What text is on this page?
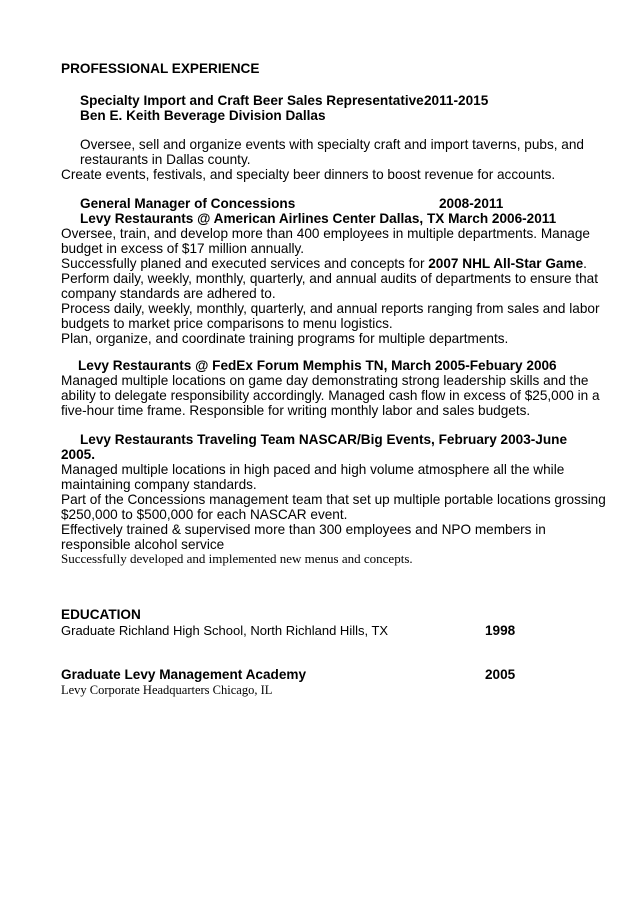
PROFESSIONAL EXPERIENCE
Specialty Import and Craft Beer Sales Representative 2011-2015
Ben E. Keith Beverage Division Dallas
Oversee, sell and organize events with specialty craft and import taverns, pubs, and
restaurants in Dallas county.
Create events, festivals, and specialty beer dinners to boost revenue for accounts.
General Manager of Concessions	2008-2011
Levy Restaurants @ American Airlines Center Dallas, TX March 2006-2011
Oversee, train, and develop more than 400 employees in multiple departments. Manage
budget in excess of $17 million annually.
Successfully planed and executed services and concepts for 2007 NHL All-Star Game.
Perform daily, weekly, monthly, quarterly, and annual audits of departments to ensure that
company standards are adhered to.
Process daily, weekly, monthly, quarterly, and annual reports ranging from sales and labor
budgets to market price comparisons to menu logistics.
Plan, organize, and coordinate training programs for multiple departments.
Levy Restaurants @ FedEx Forum Memphis TN, March 2005-Febuary 2006
Managed multiple locations on game day demonstrating strong leadership skills and the
ability to delegate responsibility accordingly. Managed cash flow in excess of $25,000 in a
five-hour time frame. Responsible for writing monthly labor and sales budgets.
Levy Restaurants Traveling Team NASCAR/Big Events, February 2003-June
2005.
Managed multiple locations in high paced and high volume atmosphere all the while
maintaining company standards.
Part of the Concessions management team that set up multiple portable locations grossing
$250,000 to $500,000 for each NASCAR event.
Effectively trained & supervised more than 300 employees and NPO members in
responsible alcohol service
Successfully developed and implemented new menus and concepts.
EDUCATION
Graduate Richland High School, North Richland Hills, TX	1998
Graduate Levy Management Academy	2005
Levy Corporate Headquarters Chicago, IL
